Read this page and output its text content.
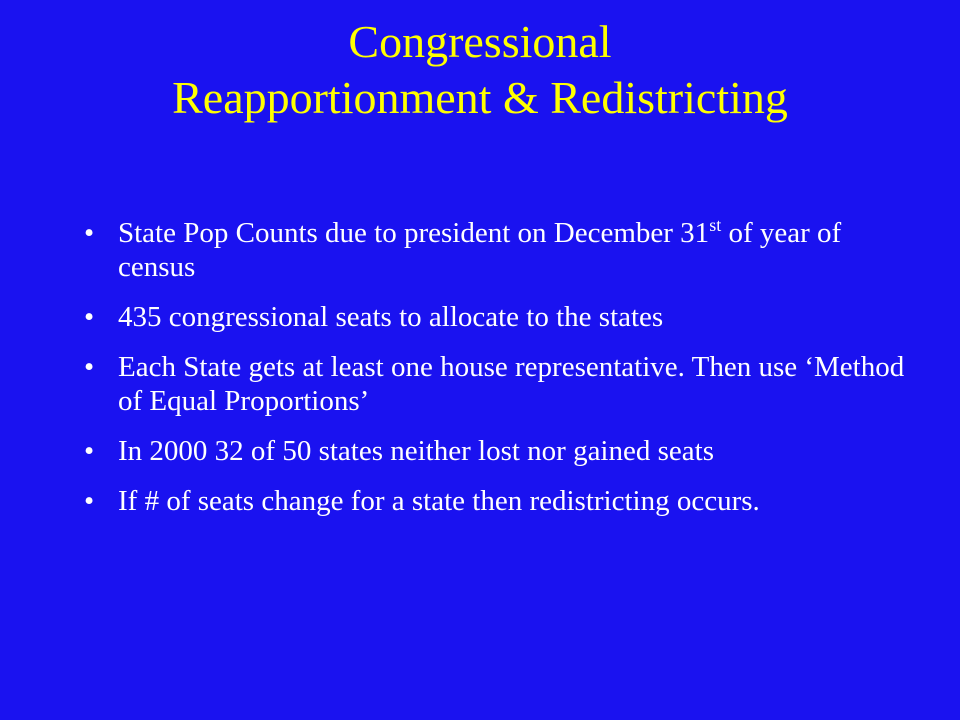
Congressional
Reapportionment & Redistricting
• State Pop Counts due to president on December 31st of year of census
• 435 congressional seats to allocate to the states
• Each State gets at least one house representative. Then use ‘Method of Equal Proportions’
• In 2000 32 of 50 states neither lost nor gained seats
• If # of seats change for a state then redistricting occurs.
